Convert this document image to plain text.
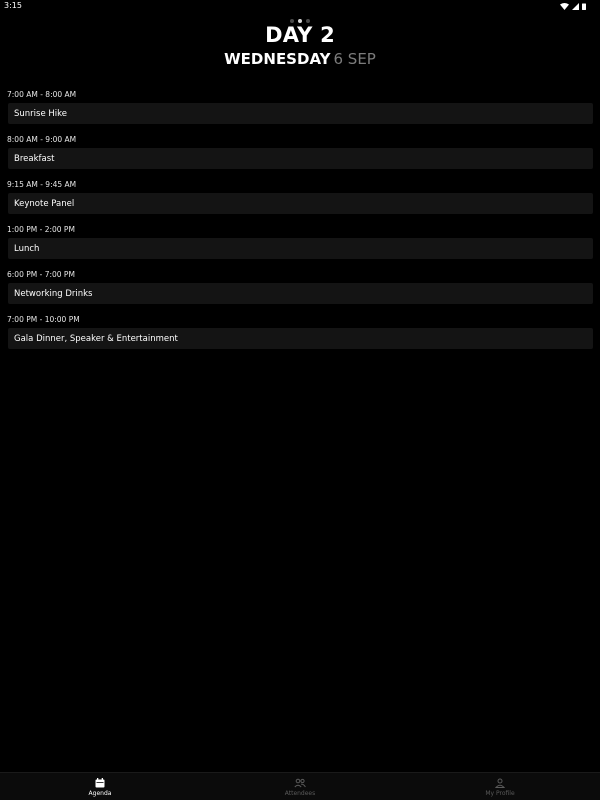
3:15
DAY 2
WEDNESDAY 6 SEP
7:00 AM - 8:00 AM
Sunrise Hike
8:00 AM - 9:00 AM
Breakfast
9:15 AM - 9:45 AM
Keynote Panel
1:00 PM - 2:00 PM
Lunch
6:00 PM - 7:00 PM
Networking Drinks
7:00 PM - 10:00 PM
Gala Dinner, Speaker & Entertainment
Agenda	Attendees	My Profile
